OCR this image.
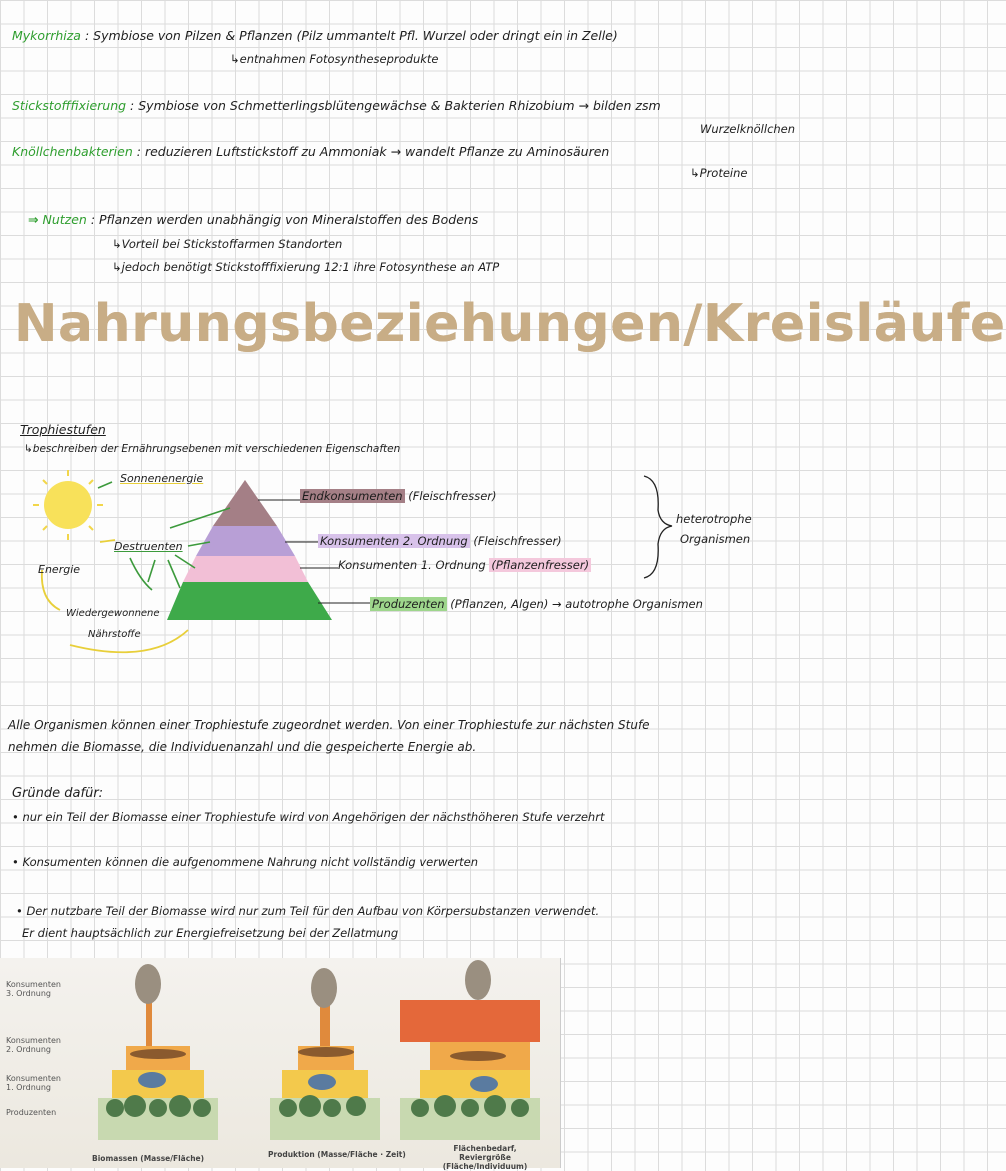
Mykorrhiza : Symbiose von Pilzen & Pflanzen (Pilz ummantelt Pfl. Wurzel oder dringt ein in Zelle)
↳entnahmen Fotosyntheseprodukte
Stickstofffixierung : Symbiose von Schmetterlingsblütengewächse & Bakterien Rhizobium → bilden zsm
Wurzelknöllchen
Knöllchenbakterien : reduzieren Luftstickstoff zu Ammoniak → wandelt Pflanze zu Aminosäuren
↳Proteine
⇒ Nutzen : Pflanzen werden unabhängig von Mineralstoffen des Bodens
↳Vorteil bei Stickstoffarmen Standorten
↳jedoch benötigt Stickstofffixierung 12:1 ihre Fotosynthese an ATP
Nahrungsbeziehungen/Kreisläufe
Trophiestufen
↳beschreiben der Ernährungsebenen mit verschiedenen Eigenschaften
Sonnenenergie
Energie
Destruenten
Wiedergewonnene
Nährstoffe
Endkonsumenten (Fleischfresser)
Konsumenten 2. Ordnung (Fleischfresser)
Konsumenten 1. Ordnung (Pflanzenfresser)
Produzenten (Pflanzen, Algen) → autotrophe Organismen
heterotrophe
Organismen
Alle Organismen können einer Trophiestufe zugeordnet werden. Von einer Trophiestufe zur nächsten Stufe
nehmen die Biomasse, die Individuenanzahl und die gespeicherte Energie ab.
Gründe dafür:
• nur ein Teil der Biomasse einer Trophiestufe wird von Angehörigen der nächsthöheren Stufe verzehrt
• Konsumenten können die aufgenommene Nahrung nicht vollständig verwerten
• Der nutzbare Teil der Biomasse wird nur zum Teil für den Aufbau von Körpersubstanzen verwendet.
Er dient hauptsächlich zur Energiefreisetzung bei der Zellatmung
Konsumenten 3. Ordnung
Konsumenten 2. Ordnung
Konsumenten 1. Ordnung
Produzenten
Biomassen (Masse/Fläche)	Produktion (Masse/Fläche · Zeit)
Flächenbedarf, Reviergröße (Fläche/Individuum)
